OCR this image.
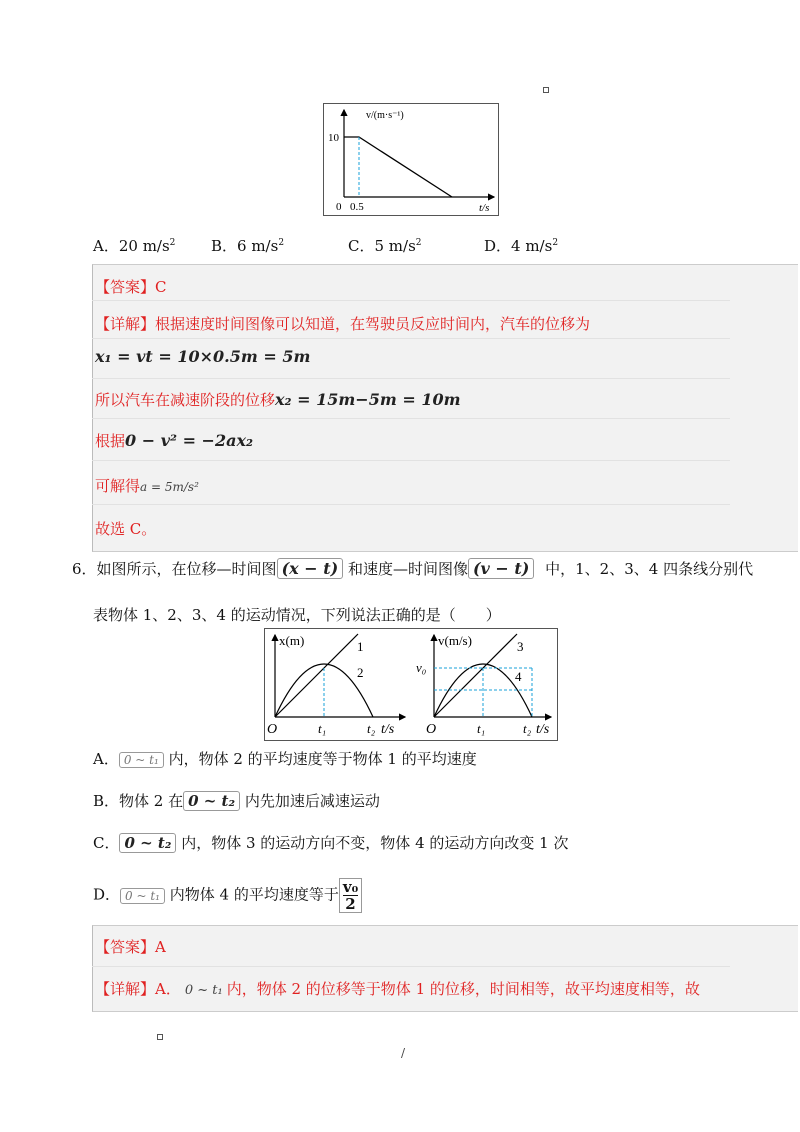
v/(m·s⁻¹)
10
0 0.5	t/s
A．20 $m/s^2$ B．6 $m/s^2$	C．5 $m/s^2$	D．4 $m/s^2$
【答案】C
【详解】根据速度时间图像可以知道，在驾驶员反应时间内，汽车的位移为
x₁ = vt = 10×0.5m = 5m
所以汽车在减速阶段的位移x₂ = 15m−5m = 10m
根据0 − v² = −2ax₂
可解得a = 5m/s²
故选 C。
6．如图所示，在位移—时间图 (x − t) 和速度—时间图像 (v − t) 中，1、2、3、4 四条线分别代
表物体 1、2、3、4 的运动情况，下列说法正确的是（　　）
x(m)	1
2
O	t₁	t₂ t/s
v(m/s)	3
4
v₀
O	t₁	t₂ t/s
A． 0 ~ t₁ 内，物体 2 的平均速度等于物体 1 的平均速度
B．物体 2 在 0 ~ t₂ 内先加速后减速运动
C． 0 ~ t₂ 内，物体 3 的运动方向不变，物体 4 的运动方向改变 1 次
D． 0 ~ t₁ 内物体 4 的平均速度等于 $\frac{\text{v₀}}{2}$
【答案】A
【详解】A． 0 ~ t₁ 内，物体 2 的位移等于物体 1 的位移，时间相等，故平均速度相等，故
/
